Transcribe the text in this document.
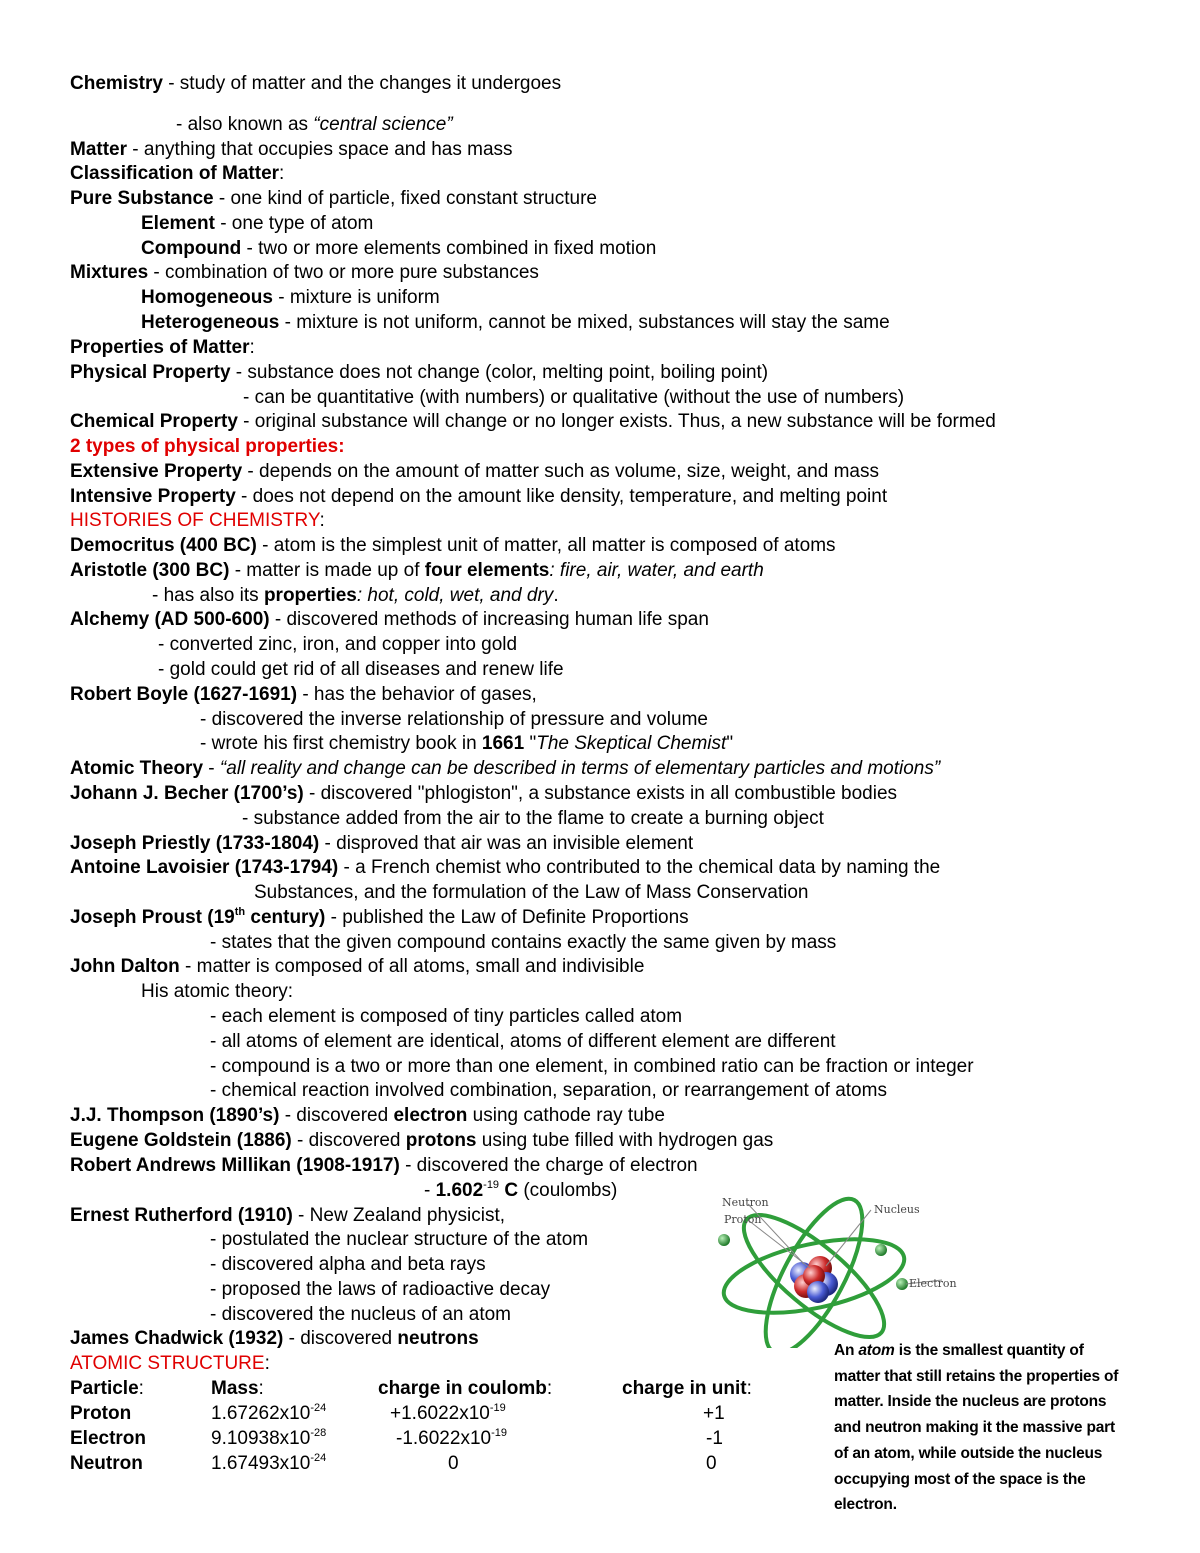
Chemistry - study of matter and the changes it undergoes
- also known as “central science”
Matter - anything that occupies space and has mass
Classification of Matter:
Pure Substance - one kind of particle, fixed constant structure
Element - one type of atom
Compound - two or more elements combined in fixed motion
Mixtures - combination of two or more pure substances
Homogeneous - mixture is uniform
Heterogeneous - mixture is not uniform, cannot be mixed, substances will stay the same
Properties of Matter:
Physical Property - substance does not change (color, melting point, boiling point)
- can be quantitative (with numbers) or qualitative (without the use of numbers)
Chemical Property - original substance will change or no longer exists. Thus, a new substance will be formed
2 types of physical properties:
Extensive Property - depends on the amount of matter such as volume, size, weight, and mass
Intensive Property - does not depend on the amount like density, temperature, and melting point
HISTORIES OF CHEMISTRY:
Democritus (400 BC) - atom is the simplest unit of matter, all matter is composed of atoms
Aristotle (300 BC) - matter is made up of four elements: fire, air, water, and earth
- has also its properties: hot, cold, wet, and dry.
Alchemy (AD 500-600) - discovered methods of increasing human life span
- converted zinc, iron, and copper into gold
- gold could get rid of all diseases and renew life
Robert Boyle (1627-1691) - has the behavior of gases,
- discovered the inverse relationship of pressure and volume
- wrote his first chemistry book in 1661 "The Skeptical Chemist"
Atomic Theory - “all reality and change can be described in terms of elementary particles and motions”
Johann J. Becher (1700’s) - discovered "phlogiston", a substance exists in all combustible bodies
- substance added from the air to the flame to create a burning object
Joseph Priestly (1733-1804) - disproved that air was an invisible element
Antoine Lavoisier (1743-1794) - a French chemist who contributed to the chemical data by naming the
Substances, and the formulation of the Law of Mass Conservation
Joseph Proust (19th century) - published the Law of Definite Proportions
- states that the given compound contains exactly the same given by mass
John Dalton - matter is composed of all atoms, small and indivisible
His atomic theory:
- each element is composed of tiny particles called atom
- all atoms of element are identical, atoms of different element are different
- compound is a two or more than one element, in combined ratio can be fraction or integer
- chemical reaction involved combination, separation, or rearrangement of atoms
J.J. Thompson (1890’s) - discovered electron using cathode ray tube
Eugene Goldstein (1886) - discovered protons using tube filled with hydrogen gas
Robert Andrews Millikan (1908-1917) - discovered the charge of electron
- $1.602^{-19}$ C (coulombs)
Ernest Rutherford (1910) - New Zealand physicist,
- postulated the nuclear structure of the atom
- discovered alpha and beta rays
- proposed the laws of radioactive decay
- discovered the nucleus of an atom
James Chadwick (1932) - discovered neutrons
ATOMIC STRUCTURE:
Particle:	Mass:	charge in coulomb:	charge in unit:
Proton	$1.67262x10^{-24}$	$+1.6022x10^{-19}$	+1
Electron	$9.10938x10^{-28}$	$-1.6022x10^{-19}$	-1
Neutron	$1.67493x10^{-24}$	0	0
Neutron
Proton
Nucleus
Electron
An atom is the smallest quantity of
matter that still retains the properties of
matter. Inside the nucleus are protons
and neutron making it the massive part
of an atom, while outside the nucleus
occupying most of the space is the
electron.
